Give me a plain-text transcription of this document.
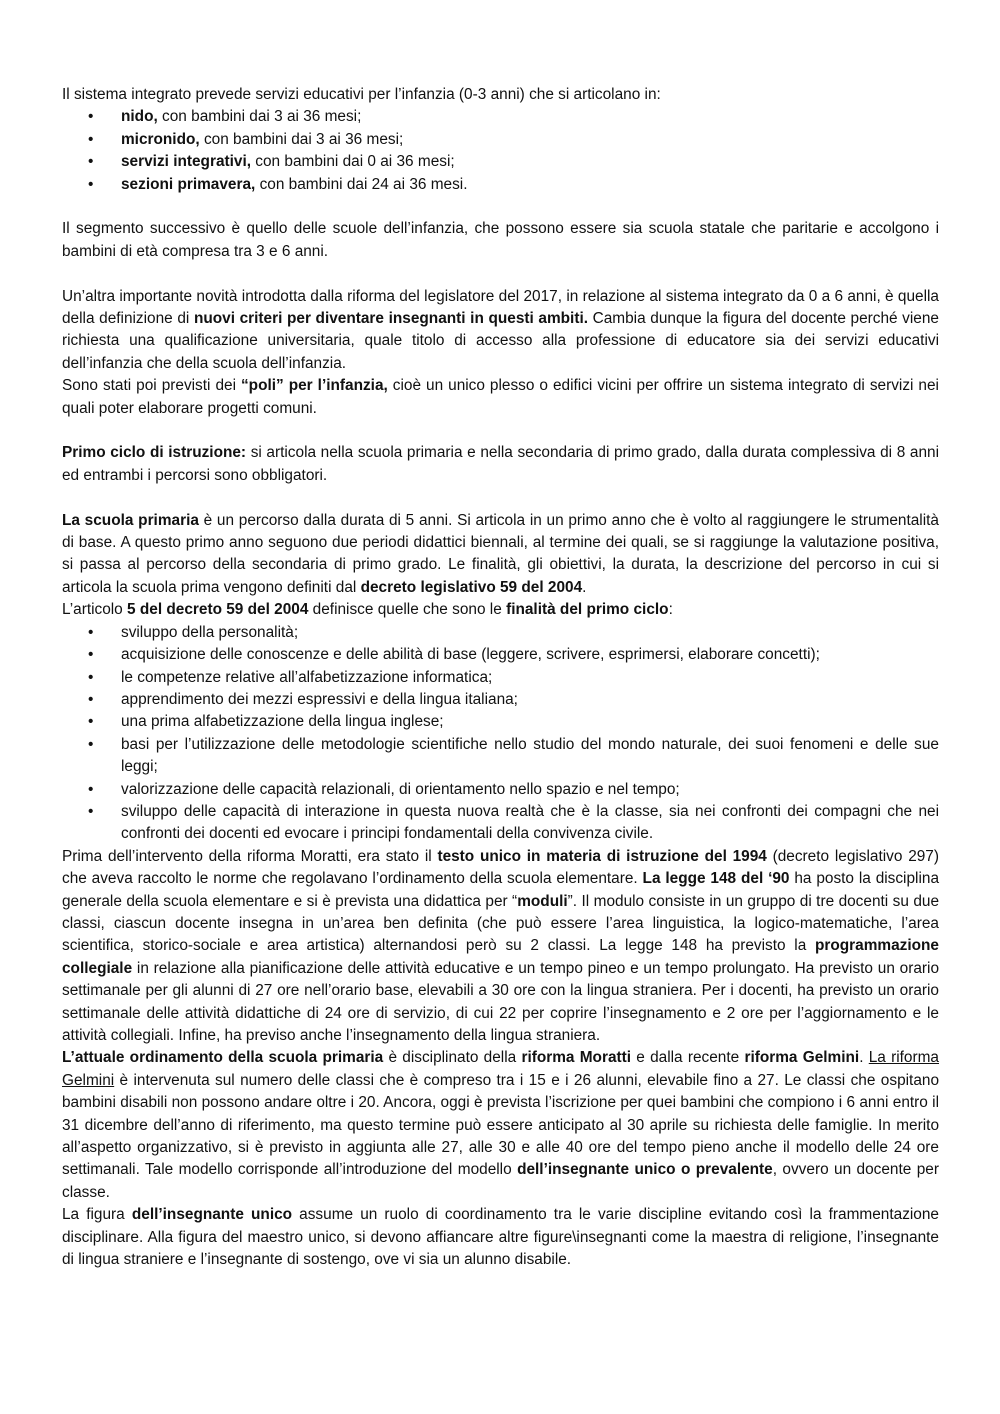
Il sistema integrato prevede servizi educativi per l’infanzia (0-3 anni) che si articolano in:

• nido, con bambini dai 3 ai 36 mesi;
• micronido, con bambini dai 3 ai 36 mesi;
• servizi integrativi, con bambini dai 0 ai 36 mesi;
• sezioni primavera, con bambini dai 24 ai 36 mesi.

Il segmento successivo è quello delle scuole dell’infanzia, che possono essere sia scuola statale che paritarie e accolgono i bambini di età compresa tra 3 e 6 anni.

Un’altra importante novità introdotta dalla riforma del legislatore del 2017, in relazione al sistema integrato da 0 a 6 anni, è quella della definizione di nuovi criteri per diventare insegnanti in questi ambiti. Cambia dunque la figura del docente perché viene richiesta una qualificazione universitaria, quale titolo di accesso alla professione di educatore sia dei servizi educativi dell’infanzia che della scuola dell’infanzia.

Sono stati poi previsti dei “poli” per l’infanzia, cioè un unico plesso o edifici vicini per offrire un sistema integrato di servizi nei quali poter elaborare progetti comuni.

Primo ciclo di istruzione: si articola nella scuola primaria e nella secondaria di primo grado, dalla durata complessiva di 8 anni ed entrambi i percorsi sono obbligatori.

La scuola primaria è un percorso dalla durata di 5 anni. Si articola in un primo anno che è volto al raggiungere le strumentalità di base. A questo primo anno seguono due periodi didattici biennali, al termine dei quali, se si raggiunge la valutazione positiva, si passa al percorso della secondaria di primo grado. Le finalità, gli obiettivi, la durata, la descrizione del percorso in cui si articola la scuola prima vengono definiti dal decreto legislativo 59 del 2004.

L’articolo 5 del decreto 59 del 2004 definisce quelle che sono le finalità del primo ciclo:

• sviluppo della personalità;
• acquisizione delle conoscenze e delle abilità di base (leggere, scrivere, esprimersi, elaborare concetti);
• le competenze relative all’alfabetizzazione informatica;
• apprendimento dei mezzi espressivi e della lingua italiana;
• una prima alfabetizzazione della lingua inglese;
• basi per l’utilizzazione delle metodologie scientifiche nello studio del mondo naturale, dei suoi fenomeni e delle sue leggi;
• valorizzazione delle capacità relazionali, di orientamento nello spazio e nel tempo;
• sviluppo delle capacità di interazione in questa nuova realtà che è la classe, sia nei confronti dei compagni che nei confronti dei docenti ed evocare i principi fondamentali della convivenza civile.

Prima dell’intervento della riforma Moratti, era stato il testo unico in materia di istruzione del 1994 (decreto legislativo 297) che aveva raccolto le norme che regolavano l’ordinamento della scuola elementare. La legge 148 del ‘90 ha posto la disciplina generale della scuola elementare e si è prevista una didattica per “moduli”. Il modulo consiste in un gruppo di tre docenti su due classi, ciascun docente insegna in un’area ben definita (che può essere l’area linguistica, la logico-matematiche, l’area scientifica, storico-sociale e area artistica) alternandosi però su 2 classi. La legge 148 ha previsto la programmazione collegiale in relazione alla pianificazione delle attività educative e un tempo pineo e un tempo prolungato. Ha previsto un orario settimanale per gli alunni di 27 ore nell’orario base, elevabili a 30 ore con la lingua straniera. Per i docenti, ha previsto un orario settimanale delle attività didattiche di 24 ore di servizio, di cui 22 per coprire l’insegnamento e 2 ore per l’aggiornamento e le attività collegiali. Infine, ha previso anche l’insegnamento della lingua straniera.

L’attuale ordinamento della scuola primaria è disciplinato della riforma Moratti e dalla recente riforma Gelmini. La riforma Gelmini è intervenuta sul numero delle classi che è compreso tra i 15 e i 26 alunni, elevabile fino a 27. Le classi che ospitano bambini disabili non possono andare oltre i 20. Ancora, oggi è prevista l’iscrizione per quei bambini che compiono i 6 anni entro il 31 dicembre dell’anno di riferimento, ma questo termine può essere anticipato al 30 aprile su richiesta delle famiglie. In merito all’aspetto organizzativo, si è previsto in aggiunta alle 27, alle 30 e alle 40 ore del tempo pieno anche il modello delle 24 ore settimanali. Tale modello corrisponde all’introduzione del modello dell’insegnante unico o prevalente, ovvero un docente per classe.

La figura dell’insegnante unico assume un ruolo di coordinamento tra le varie discipline evitando così la frammentazione disciplinare. Alla figura del maestro unico, si devono affiancare altre figure\insegnanti come la maestra di religione, l’insegnante di lingua straniere e l’insegnante di sostengo, ove vi sia un alunno disabile.
